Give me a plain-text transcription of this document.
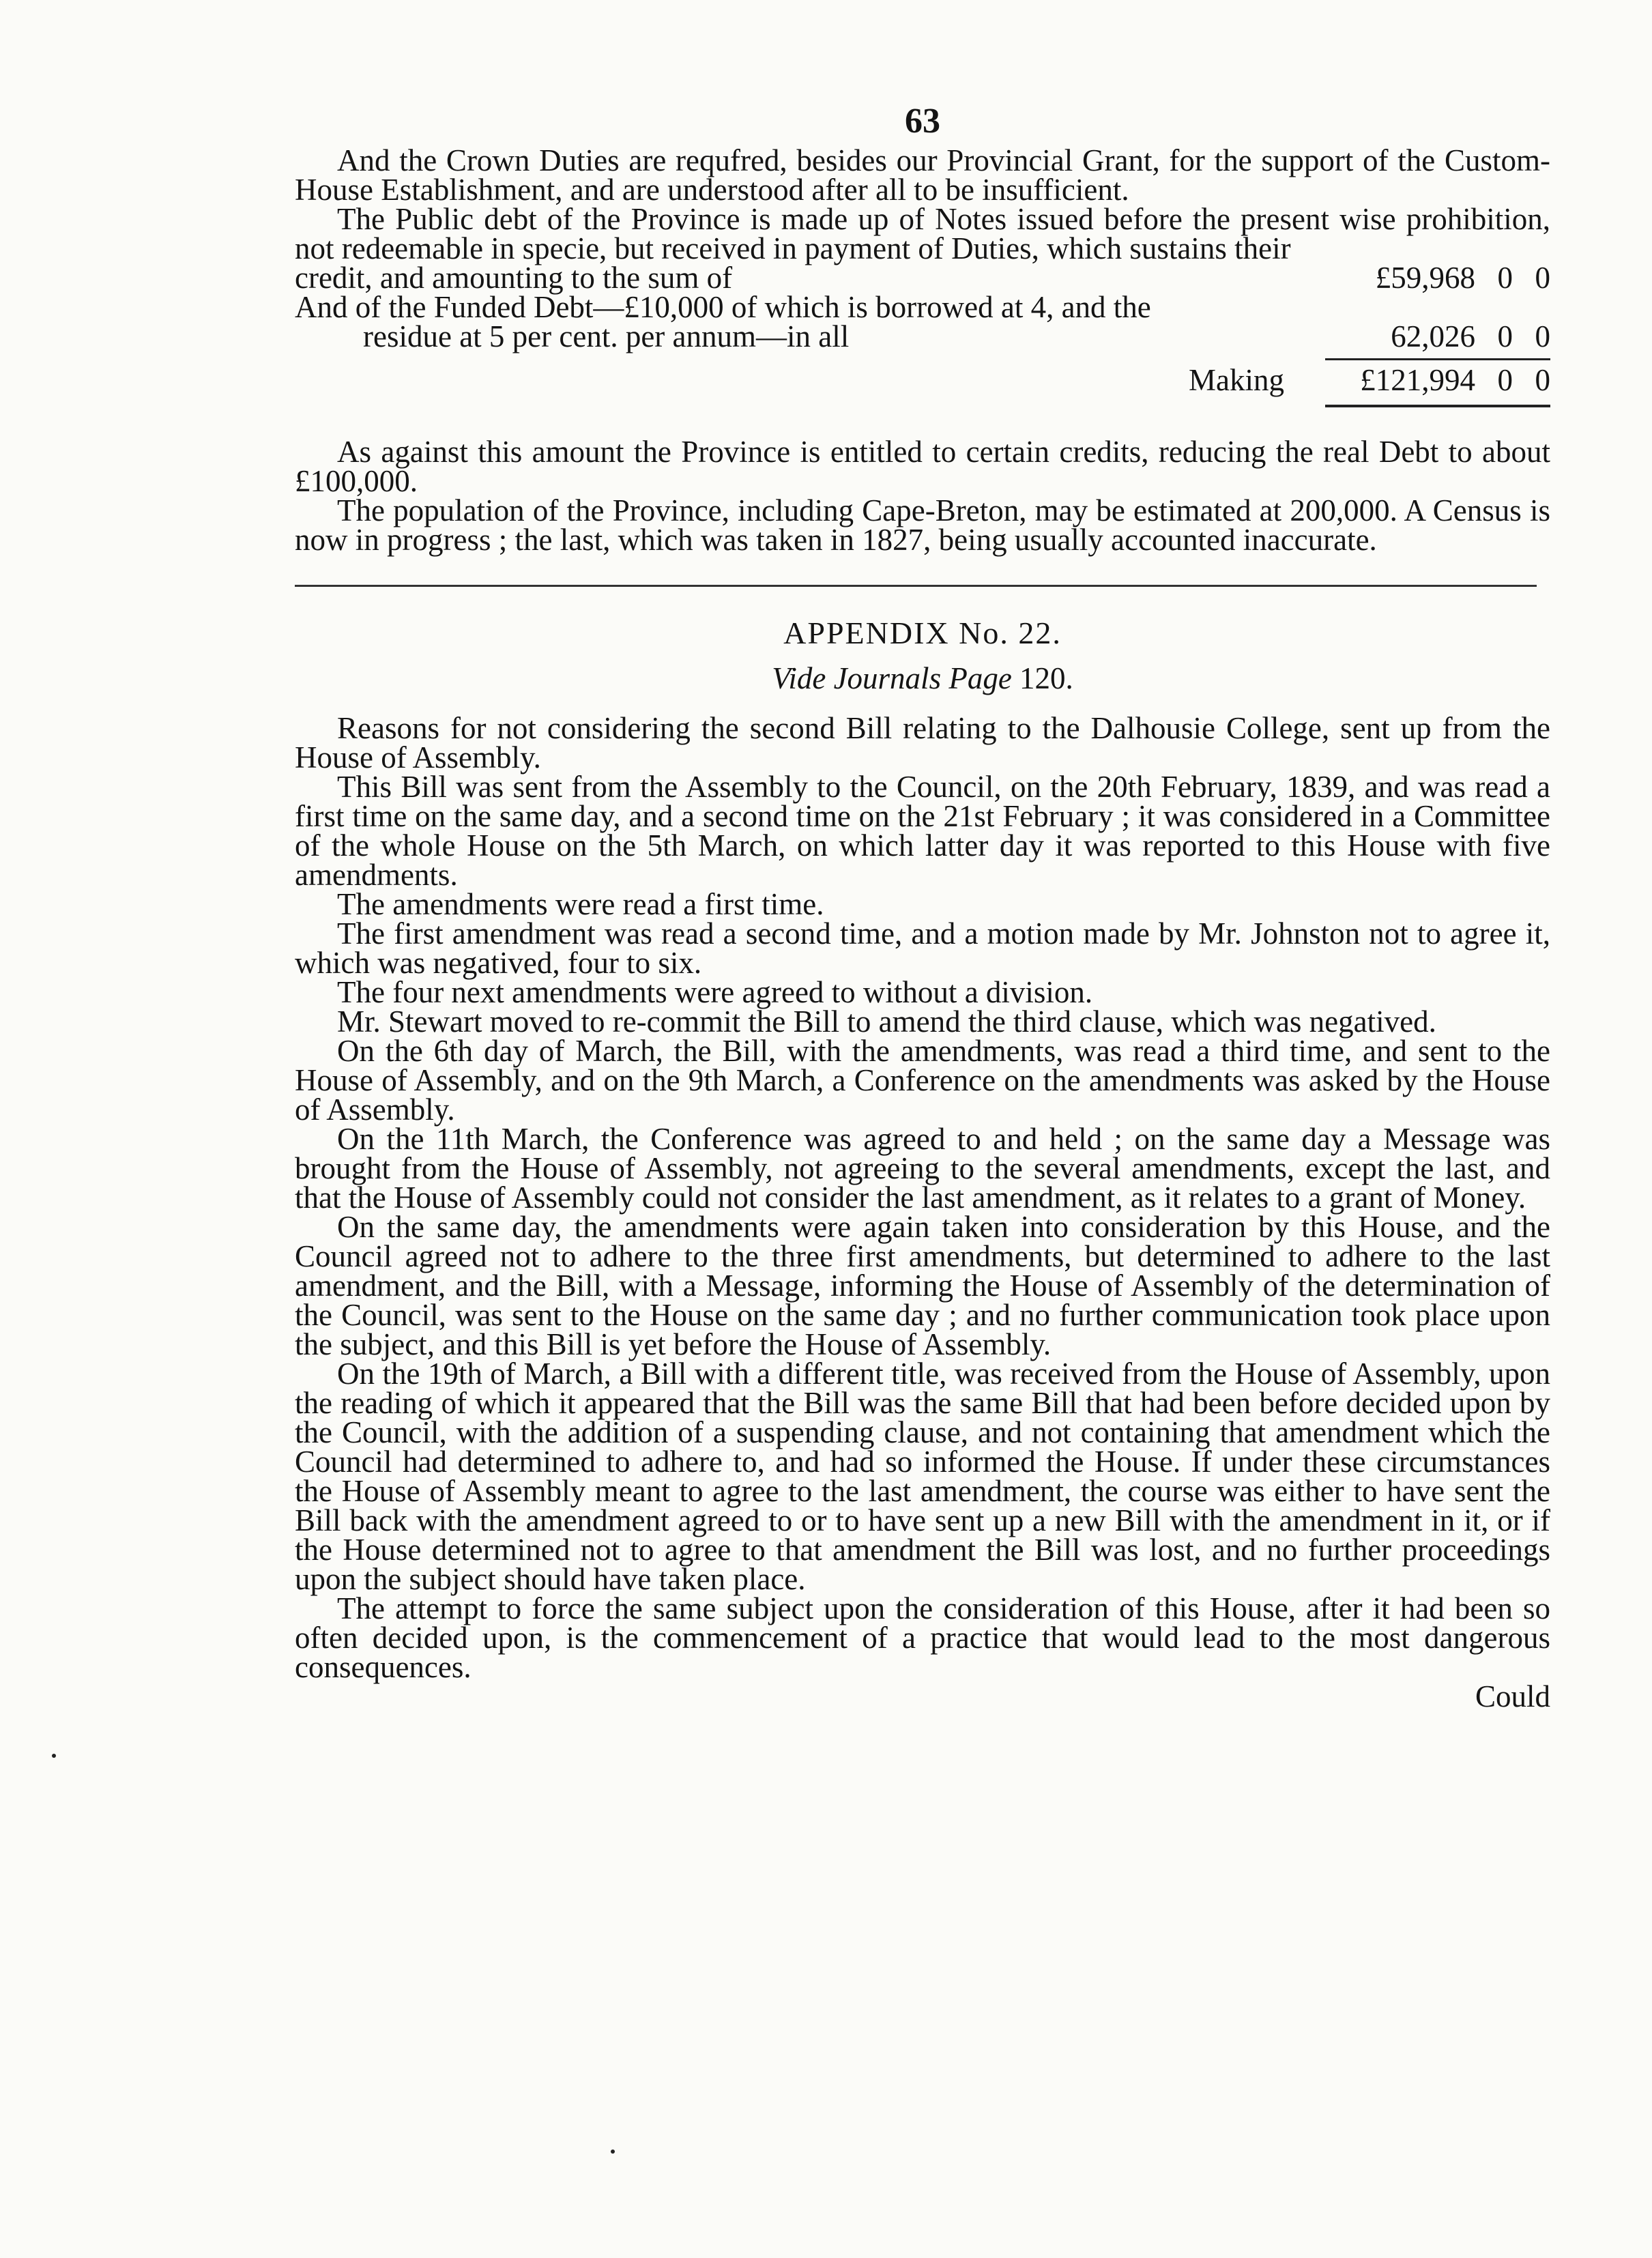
63

And the Crown Duties are requfred, besides our Provincial Grant, for the support of the Custom-House Establishment, and are understood after all to be insufficient.

The Public debt of the Province is made up of Notes issued before the present wise prohibition, not redeemable in specie, but received in payment of Duties, which sustains their

credit, and amounting to the sum of	£59,968 0 0
And of the Funded Debt—£10,000 of which is borrowed at 4, and the
residue at 5 per cent. per annum—in all	62,026 0 0
Making	£121,994 0 0

As against this amount the Province is entitled to certain credits, reducing the real Debt to about £100,000.

The population of the Province, including Cape-Breton, may be estimated at 200,000. A Census is now in progress ; the last, which was taken in 1827, being usually accounted inaccurate.

APPENDIX No. 22.
Vide Journals Page 120.

Reasons for not considering the second Bill relating to the Dalhousie College, sent up from the House of Assembly.

This Bill was sent from the Assembly to the Council, on the 20th February, 1839, and was read a first time on the same day, and a second time on the 21st February ; it was considered in a Committee of the whole House on the 5th March, on which latter day it was reported to this House with five amendments.

The amendments were read a first time.

The first amendment was read a second time, and a motion made by Mr. Johnston not to agree it, which was negatived, four to six.

The four next amendments were agreed to without a division.

Mr. Stewart moved to re-commit the Bill to amend the third clause, which was negatived.

On the 6th day of March, the Bill, with the amendments, was read a third time, and sent to the House of Assembly, and on the 9th March, a Conference on the amendments was asked by the House of Assembly.

On the 11th March, the Conference was agreed to and held ; on the same day a Message was brought from the House of Assembly, not agreeing to the several amendments, except the last, and that the House of Assembly could not consider the last amendment, as it relates to a grant of Money.

On the same day, the amendments were again taken into consideration by this House, and the Council agreed not to adhere to the three first amendments, but determined to adhere to the last amendment, and the Bill, with a Message, informing the House of Assembly of the determination of the Council, was sent to the House on the same day ; and no further communication took place upon the subject, and this Bill is yet before the House of Assembly.

On the 19th of March, a Bill with a different title, was received from the House of Assembly, upon the reading of which it appeared that the Bill was the same Bill that had been before decided upon by the Council, with the addition of a suspending clause, and not containing that amendment which the Council had determined to adhere to, and had so informed the House. If under these circumstances the House of Assembly meant to agree to the last amendment, the course was either to have sent the Bill back with the amendment agreed to or to have sent up a new Bill with the amendment in it, or if the House determined not to agree to that amendment the Bill was lost, and no further proceedings upon the subject should have taken place.

The attempt to force the same subject upon the consideration of this House, after it had been so often decided upon, is the commencement of a practice that would lead to the most dangerous consequences.

Could
